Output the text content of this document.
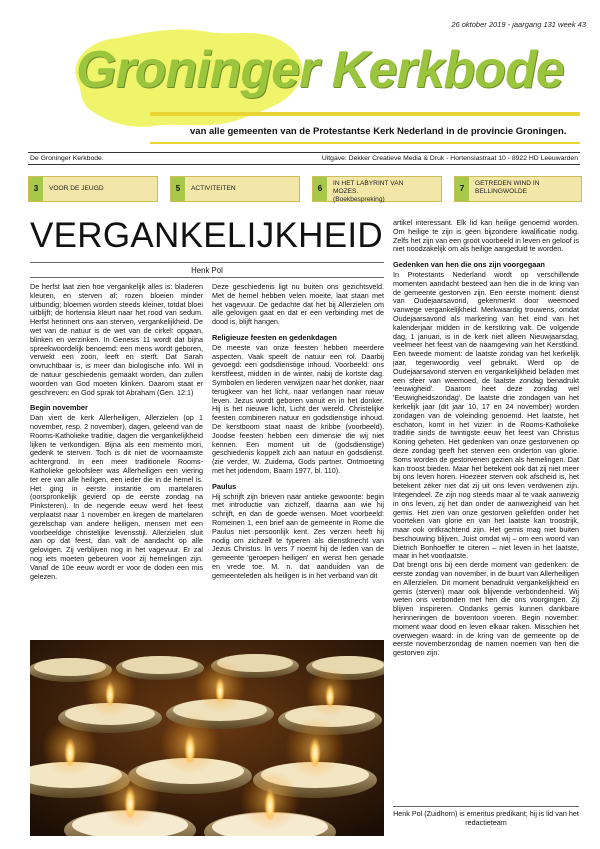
26 oktober 2019 - jaargang 131 week 43
Groninger Kerkbode
van alle gemeenten van de Protestantse Kerk Nederland in de provincie Groningen.
De Groninger Kerkbode.	Uitgave: Dekker Creatieve Media & Druk - Hortensiastraat 10 - 8922 HD Leeuwarden
3	VOOR DE JEUGD	5	ACTIVITEITEN	6
IN HET LABYRINT VAN MOZES. (Boekbespreking)
7
GETREDEN WIND IN BELLINGWOLDE
VERGANKELIJKHEID
Henk Pol

De herfst laat zien hoe vergankelijk alles is: bladeren kleuren, en sterven af; rozen bloeien minder uitbundig; bloemen worden steeds kleiner, totdat bloei uitblijft; de hortensia kleurt naar het rood van sedum. Herfst herinnert ons aan sterven, vergankelijkheid. De wet van de natuur is de wet van de cirkel: opgaan, blinken en verzinken. In Genesis 11 wordt dat bijna spreekwoordelijk benoemd: een mens wordt geboren, verwekt een zoon, leeft en sterft. Dat Sarah onvruchtbaar is, is meer dan biologische info. Wil in de natuur geschiedenis gemaakt worden, dan zullen woorden van God moeten klinken. Daarom staat er geschreven: en God sprak tot Abraham (Gen. 12:1)

Begin november

Dan viert de kerk Allerheiligen, Allerzielen (op 1 november, resp. 2 november), dagen, geleend van de Rooms-Katholieke traditie, dagen die vergankelijkheid lijken te verkondigen. Bijna als een memento mori, gedenk te sterven. Toch is dit niet de voornaamste achtergrond. In een meer traditionele Rooms-Katholieke geloofsleer was Allerheiligen een viering ter ere van alle heiligen, een ieder die in de hemel is. Het ging in eerste instantie om martelaren (oorspronkelijk gevierd op de eerste zondag na Pinksteren). In de negende eeuw werd het feest verplaatst naar 1 november en kregen de martelaren gezelschap van andere heiligen, mensen met een voorbeeldige christelijke levensstijl. Allerzielen sluit aan op dat feest, dan valt de aandacht op alle gelovigen. Zij verblijven nog in het vagevuur. Er zal nog iets moeten gebeuren voor zij hemelingen zijn. Vanaf de 10e eeuw wordt er voor de doden een mis gelezen.

Deze geschiedenis ligt nu buiten ons gezichtsveld. Met de hemel hebben velen moeite, laat staan met het vagevuur. De gedachte dat het bij Allerzielen om alle gelovigen gaat en dat er een verbinding met de dood is, blijft hangen.

Religieuze feesten en gedenkdagen

De meeste van onze feesten hebben meerdere aspecten. Vaak speelt de natuur een rol. Daarbij gevoegd: een godsdienstige inhoud. Voorbeeld: ons kerstfeest, midden in de winter, nabij de kortste dag. Symbolen en liederen verwijzen naar het donker, naar terugkeer van het licht, naar verlangen naar nieuw leven. Jezus wordt geboren vanuit en in het donker. Hij is het nieuwe licht, Licht der wereld. Christelijke feesten combineren natuur en godsdienstige inhoud. De kerstboom staat naast de kribbe (voorbeeld). Joodse feesten hebben een dimensie die wij niet kennen. Een moment uit de (godsdienstige) geschiedenis koppelt zich aan natuur en godsdienst. (zie verder, W. Zuidema, Gods partner. Ontmoeting met het jodendom, Baarn 1977, bl. 110).

Paulus

Hij schrijft zijn brieven naar antieke gewoonte: begin met introductie van zichzelf, daarna aan wie hij schrijft, en dan de goede wensen. Moet voorbeeld: Romeinen 1, een brief aan de gemeente in Rome die Paulus niet persoonlijk kent. Zes verzen heeft hij nodig om zichzelf te typeren als dienstknecht van Jezus Christus. In vers 7 noemt hij de leden van de gemeente 'geroepen heiligen' en wenst hen genade en vrede toe. M. n. dat aanduiden van de gemeenteleden als heiligen is in het verband van dit

artikel interessant. Elk lid kan heilige genoemd worden. Om heilige te zijn is geen bijzondere kwalificatie nodig. Zelfs het zijn van een groot voorbeeld in leven en geloof is niet noodzakelijk om als heilige aangeduid te worden.

Gedenken van hen die ons zijn voorgegaan

In Protestants Nederland wordt op verschillende momenten aandacht besteed aan hen die in de kring van de gemeente gestorven zijn. Een eerste moment: dienst van Oudejaarsavond, gekenmerkt door weemoed vanwege vergankelijkheid. Merkwaardig trouwens, omdat Oudejaarsavond als markering van het eind van het kalenderjaar midden in de kerstkring valt. De volgende dag, 1 januari, is in de kerk niet alleen Nieuwjaarsdag, veelmeer het feest van de naamgeving van het Kerstkind. Een tweede moment: de laatste zondag van het kerkelijk jaar, tegenwoordig veel gebruikt. Werd op de Oudejaarsavond sterven en vergankelijkheid beladen met een sfeer van weemoed, de laatste zondag benadrukt 'eeuwigheid'. Daarom heet deze zondag wel 'Eeuwigheidszondag'. De laatste drie zondagen van het kerkelijk jaar (dit jaar 10, 17 en 24 november) worden zondagen van de voleinding genoemd. Het laatste, het eschaton, komt in het vizier: in de Rooms-Katholieke traditie sinds de twintigste eeuw het feest van Christus Koning geheten. Het gedenken van onze gestorvenen op deze zondag geeft het sterven een onderton van glorie. Soms worden de gestorvenen gezien als hemelingen. Dat kan troost bieden. Maar het betekent ook dat zij niet meer bij ons leven horen. Hoezeer sterven ook afscheid is, het betekent zéker niet dat zij uit ons leven verdwenen zijn. Integendeel. Ze zijn nog steeds maar al te vaak aanwezig in ons leven, zij het dan onder de aanwezigheid van het gemis. Het zien van onze gestorven geliefden onder het voorteken van glorie en van het laatste kan troostrijk, maar ook ontkrachtend zijn. Het gemis mag niet buiten beschouwing blijven. Juist omdat wij – om een woord van Dietrich Bonhoeffer te citeren – niet leven in het laatste, maar in het voorlaatste.

Dat brengt ons bij een derde moment van gedenken: de eerste zondag van november, in de buurt van Allerheiligen en Allerzielen. Dit moment benadrukt vergankelijkheid en gemis (sterven) maar ook blijvende verbondenheid. Wij weten ons verbonden met hen die ons voorgingen. Zij blijven inspireren. Ondanks gemis kunnen dankbare herinneringen de boventoon voeren. Begin november: moment waar dood en leven elkaar raken. Misschien het overwegen waard: in de kring van de gemeente op de eerste novemberzondag de namen noemen van hen die gestorven zijn.

Henk Pol (Zuidhorn) is emeritus predikant; hij is lid van het redactieteam
